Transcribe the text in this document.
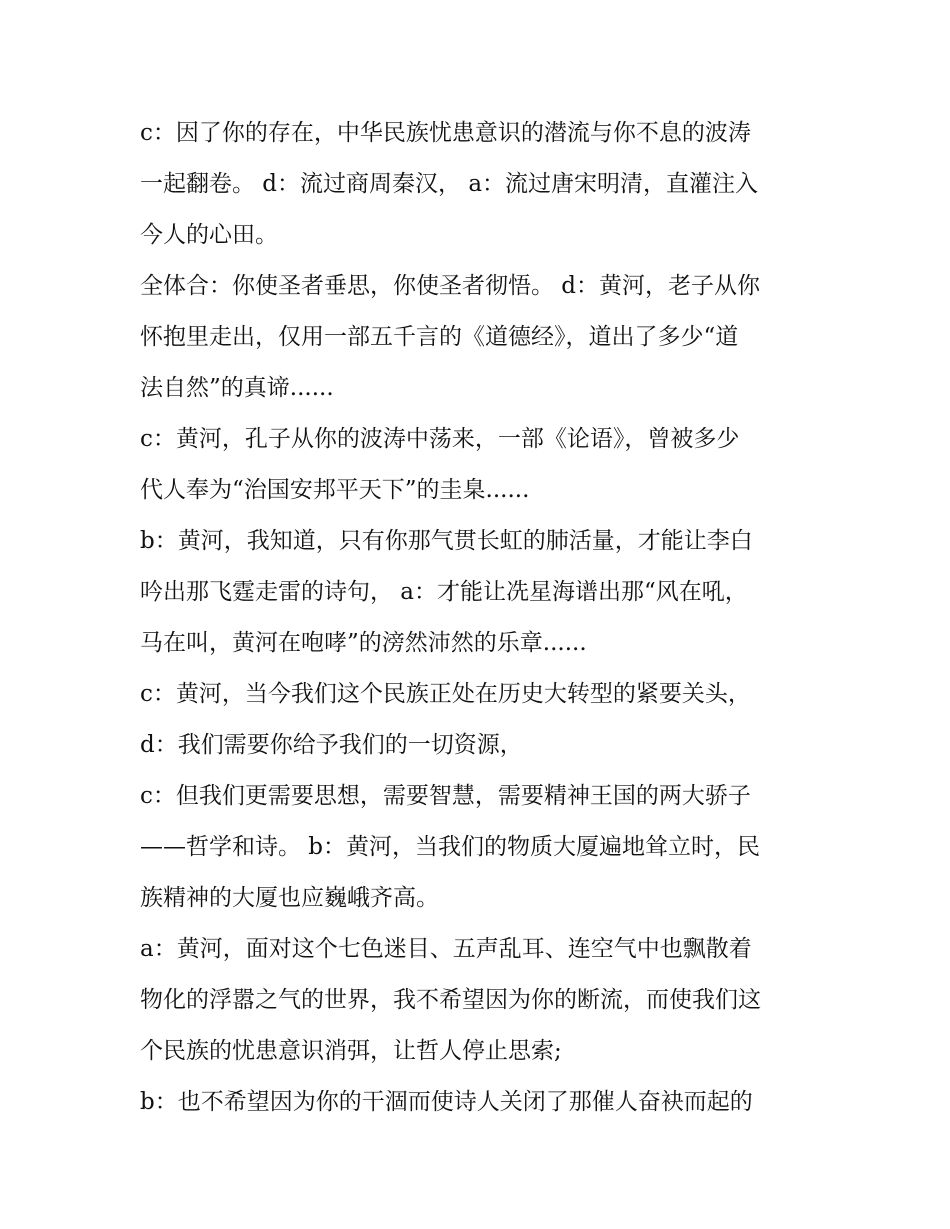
c：因了你的存在，中华民族忧患意识的潜流与你不息的波涛
一起翻卷。 d：流过商周秦汉， a：流过唐宋明清，直灌注入
今人的心田。
全体合：你使圣者垂思，你使圣者彻悟。 d：黄河，老子从你
怀抱里走出，仅用一部五千言的《道德经》，道出了多少“道
法自然”的真谛......
c：黄河，孔子从你的波涛中荡来，一部《论语》，曾被多少
代人奉为“治国安邦平天下”的圭臬......
b：黄河，我知道，只有你那气贯长虹的肺活量，才能让李白
吟出那飞霆走雷的诗句， a：才能让冼星海谱出那“风在吼，
马在叫，黄河在咆哮”的滂然沛然的乐章......
c：黄河，当今我们这个民族正处在历史大转型的紧要关头，
d：我们需要你给予我们的一切资源，
c：但我们更需要思想，需要智慧，需要精神王国的两大骄子
——哲学和诗。 b：黄河，当我们的物质大厦遍地耸立时，民
族精神的大厦也应巍峨齐高。
a：黄河，面对这个七色迷目、五声乱耳、连空气中也飘散着
物化的浮嚣之气的世界，我不希望因为你的断流，而使我们这
个民族的忧患意识消弭，让哲人停止思索;
b：也不希望因为你的干涸而使诗人关闭了那催人奋袂而起的
